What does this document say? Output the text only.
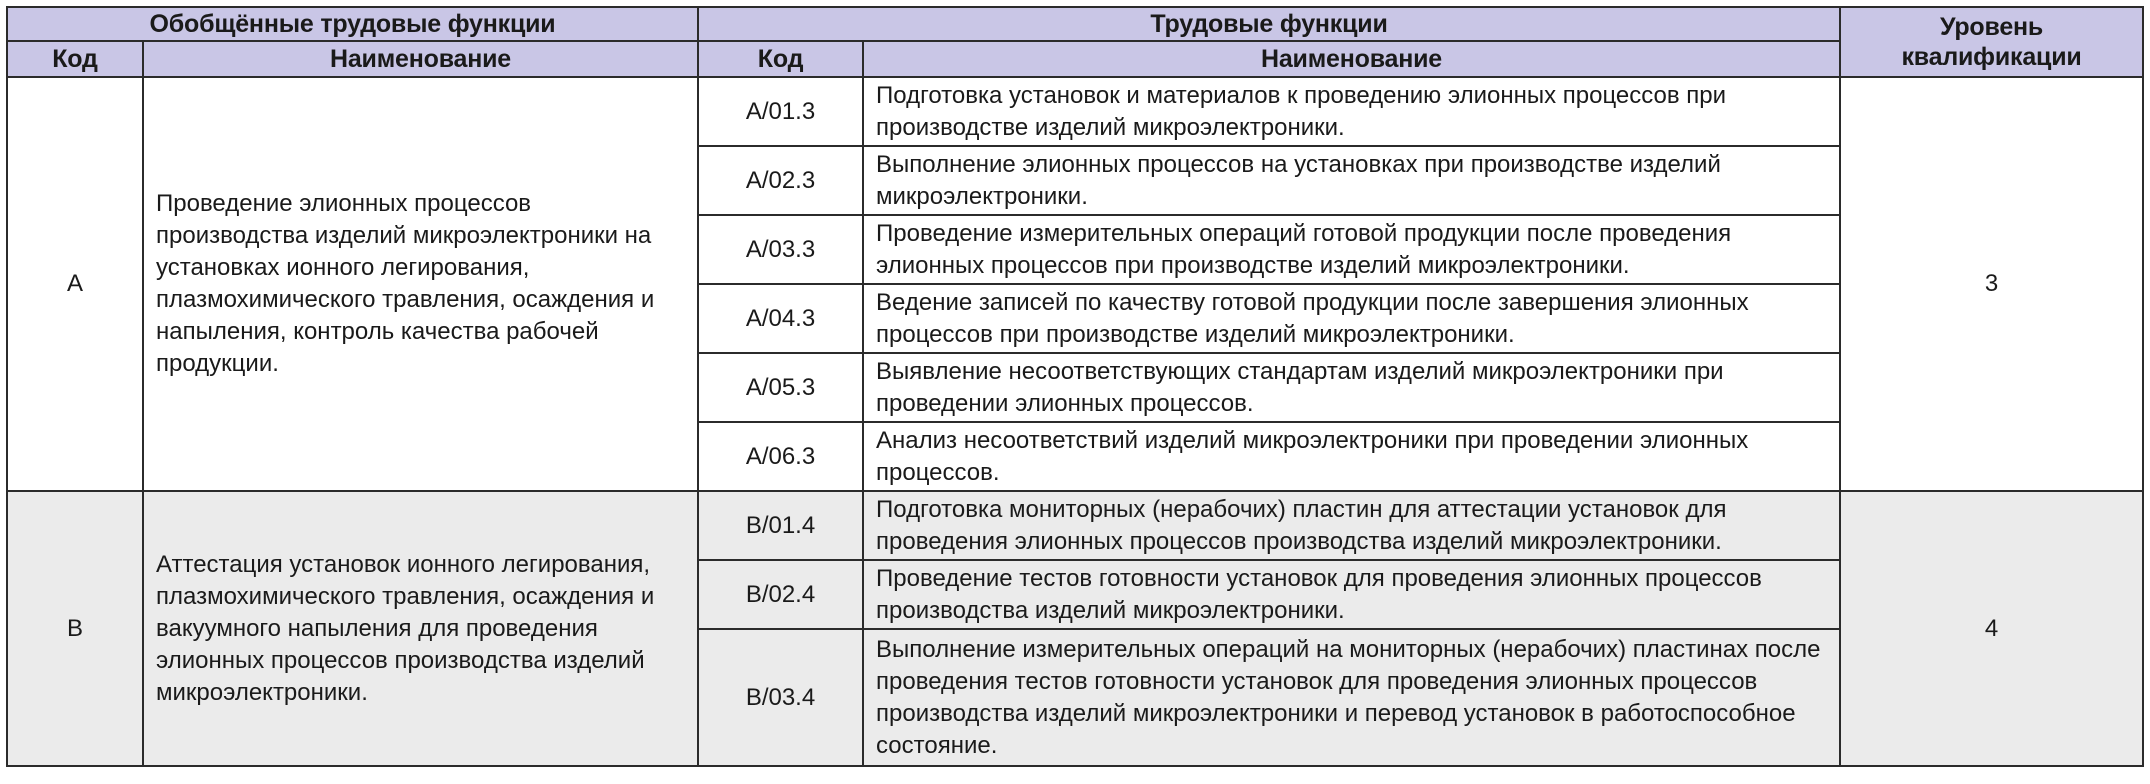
Обобщённые трудовые функции		Трудовые функции		Уровень квалификации
Код	Наименование	Код	Наименование	
A	Проведение элионных процессов производства изделий микроэлектроники на установках ионного легирования, плазмохимического травления, осаждения и напыления, контроль качества рабочей продукции.	A/01.3	Подготовка установок и материалов к проведению элионных процессов при производстве изделий микроэлектроники.	3
		A/02.3	Выполнение элионных процессов на установках при производстве изделий микроэлектроники.	
		A/03.3	Проведение измерительных операций готовой продукции после проведения элионных процессов при производстве изделий микроэлектроники.	
		A/04.3	Ведение записей по качеству готовой продукции после завершения элионных процессов при производстве изделий микроэлектроники.	
		A/05.3	Выявление несоответствующих стандартам изделий микроэлектроники при проведении элионных процессов.	
		A/06.3	Анализ несоответствий изделий микроэлектроники при проведении элионных процессов.	
B	Аттестация установок ионного легирования, плазмохимического травления, осаждения и вакуумного напыления для проведения элионных процессов производства изделий микроэлектроники.	B/01.4	Подготовка мониторных (нерабочих) пластин для аттестации установок для проведения элионных процессов производства изделий микроэлектроники.	4
		B/02.4	Проведение тестов готовности установок для проведения элионных процессов производства изделий микроэлектроники.	
		B/03.4	Выполнение измерительных операций на мониторных (нерабочих) пластинах после проведения тестов готовности установок для проведения элионных процессов производства изделий микроэлектроники и перевод установок в работоспособное состояние.	
